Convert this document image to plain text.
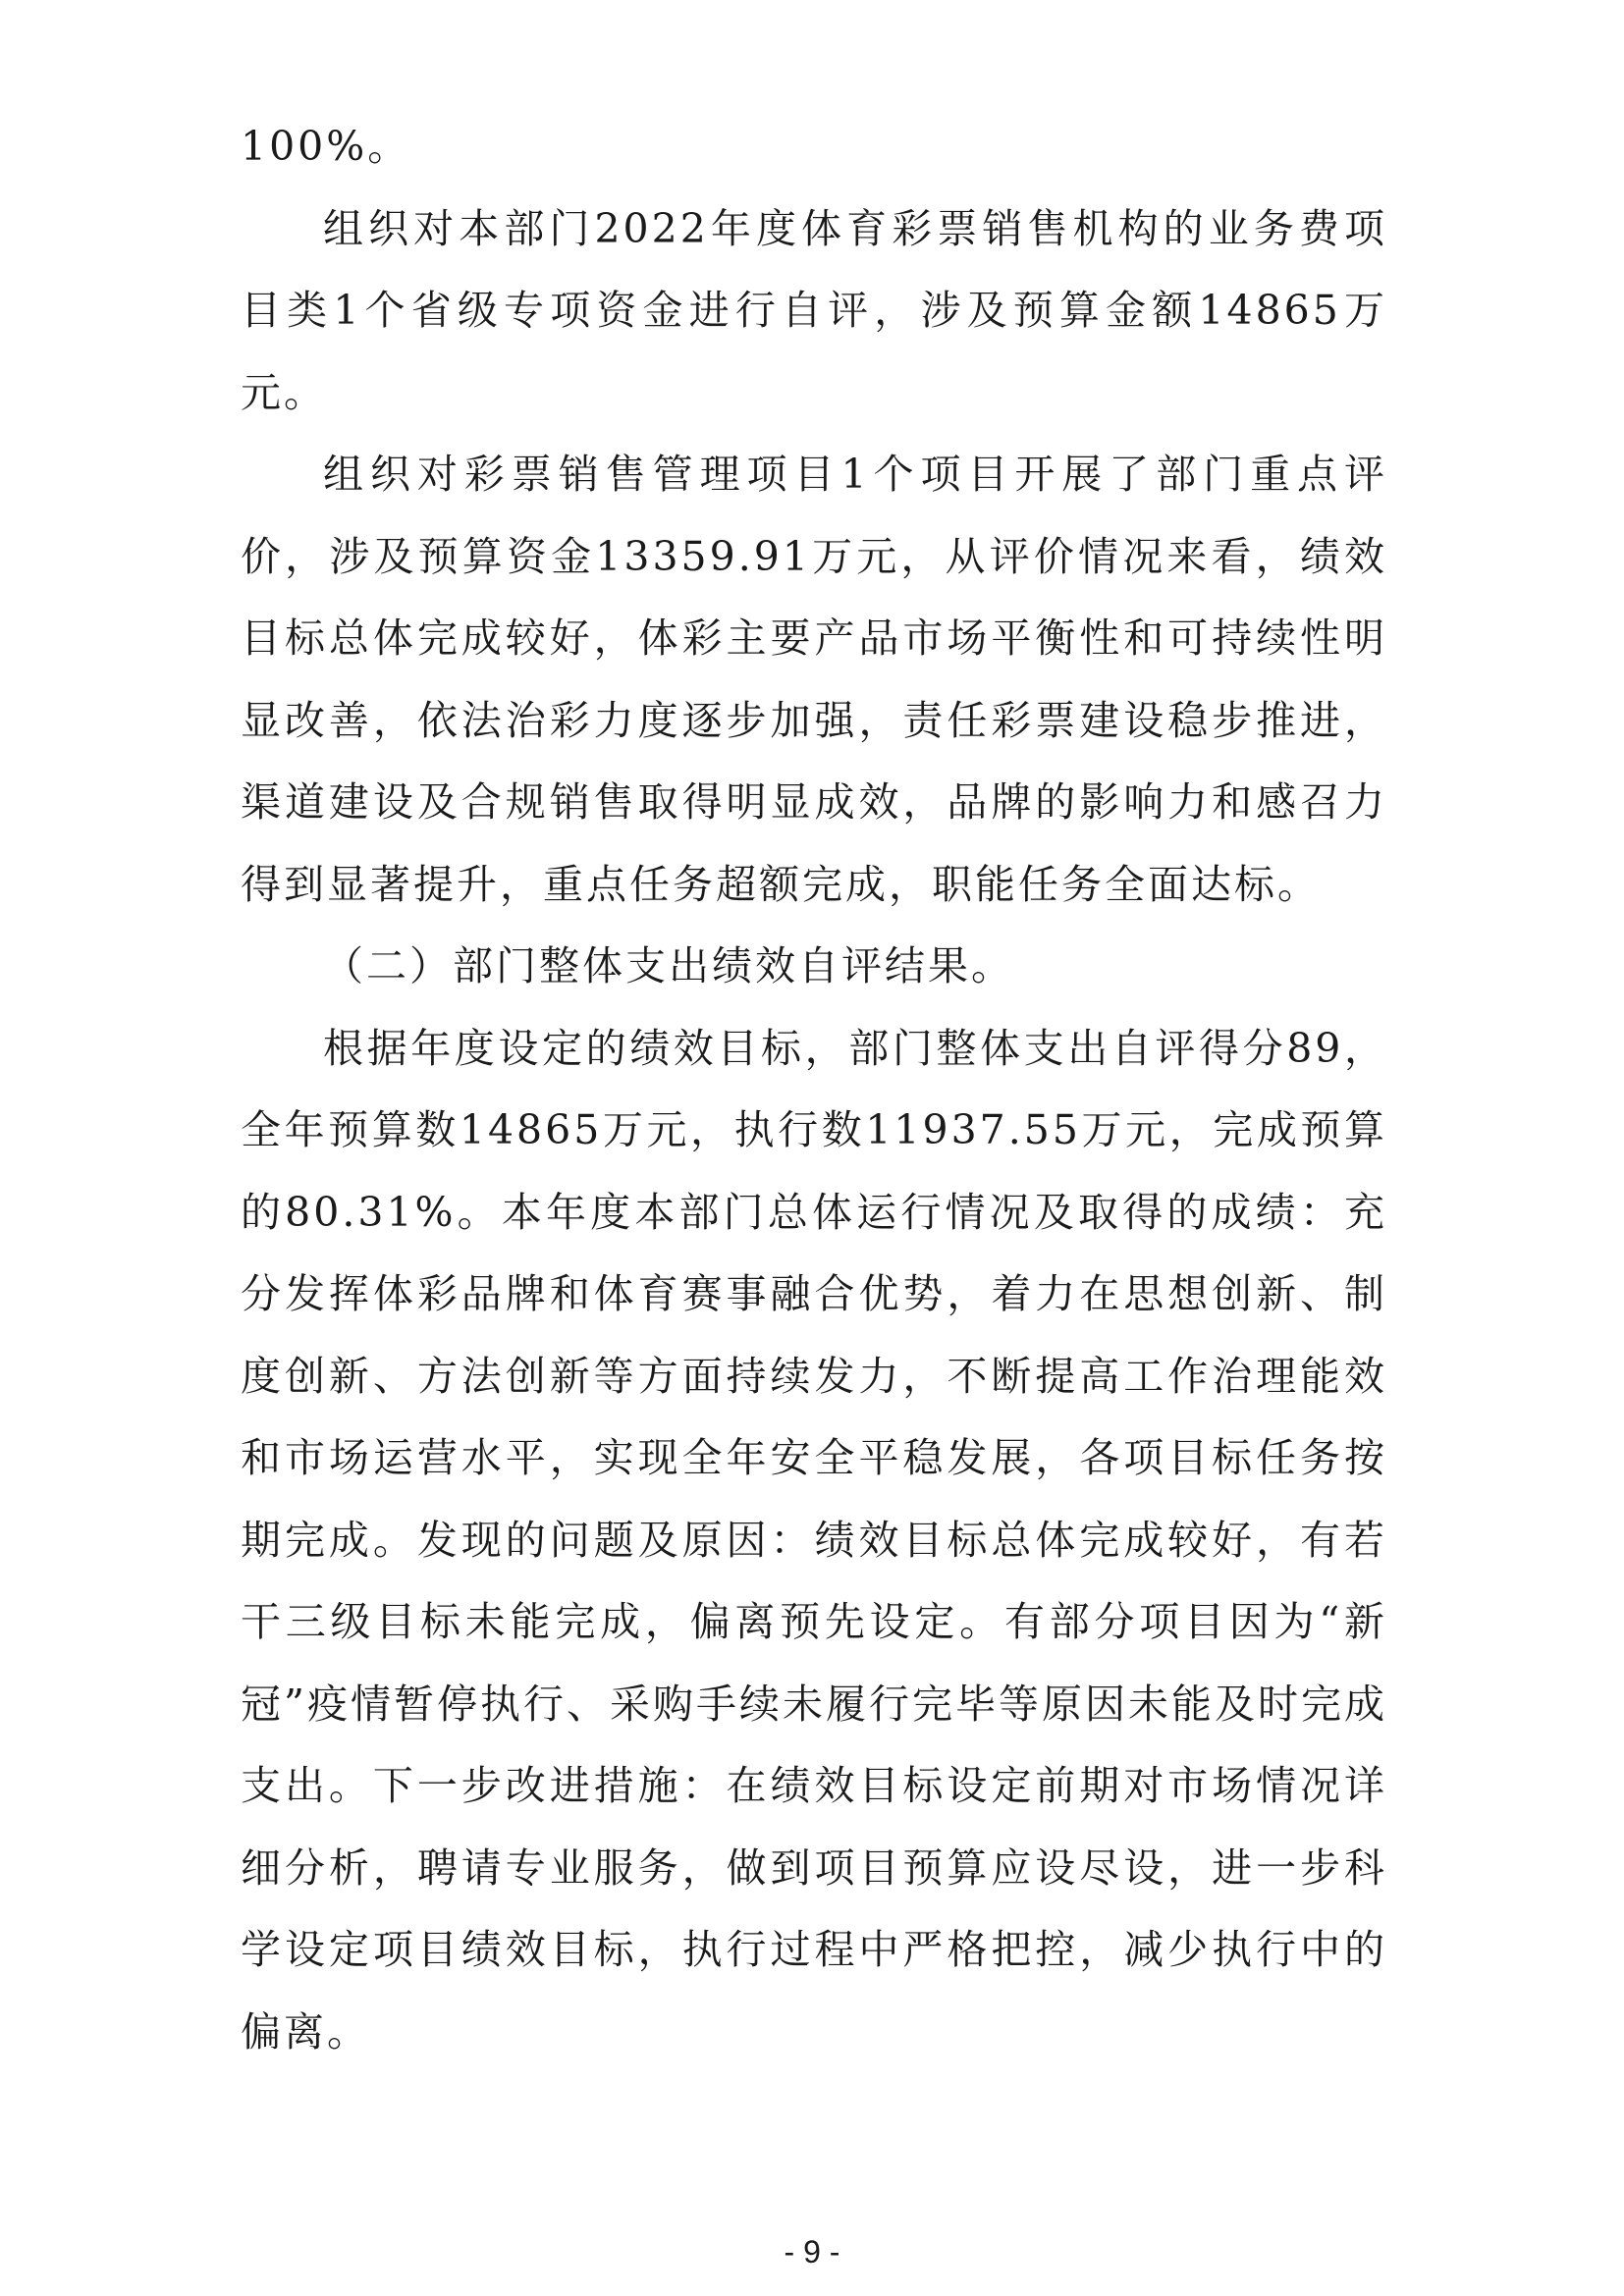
100%。

组织对本部门2022年度体育彩票销售机构的业务费项目类1个省级专项资金进行自评，涉及预算金额14865万元。

组织对彩票销售管理项目1个项目开展了部门重点评价，涉及预算资金13359.91万元，从评价情况来看，绩效目标总体完成较好，体彩主要产品市场平衡性和可持续性明显改善，依法治彩力度逐步加强，责任彩票建设稳步推进，渠道建设及合规销售取得明显成效，品牌的影响力和感召力得到显著提升，重点任务超额完成，职能任务全面达标。

（二）部门整体支出绩效自评结果。

根据年度设定的绩效目标，部门整体支出自评得分89，全年预算数14865万元，执行数11937.55万元，完成预算的80.31%。本年度本部门总体运行情况及取得的成绩：充分发挥体彩品牌和体育赛事融合优势，着力在思想创新、制度创新、方法创新等方面持续发力，不断提高工作治理能效和市场运营水平，实现全年安全平稳发展，各项目标任务按期完成。发现的问题及原因：绩效目标总体完成较好，有若干三级目标未能完成，偏离预先设定。有部分项目因为“新冠”疫情暂停执行、采购手续未履行完毕等原因未能及时完成支出。下一步改进措施：在绩效目标设定前期对市场情况详细分析，聘请专业服务，做到项目预算应设尽设，进一步科学设定项目绩效目标，执行过程中严格把控，减少执行中的偏离。

- 9 -
